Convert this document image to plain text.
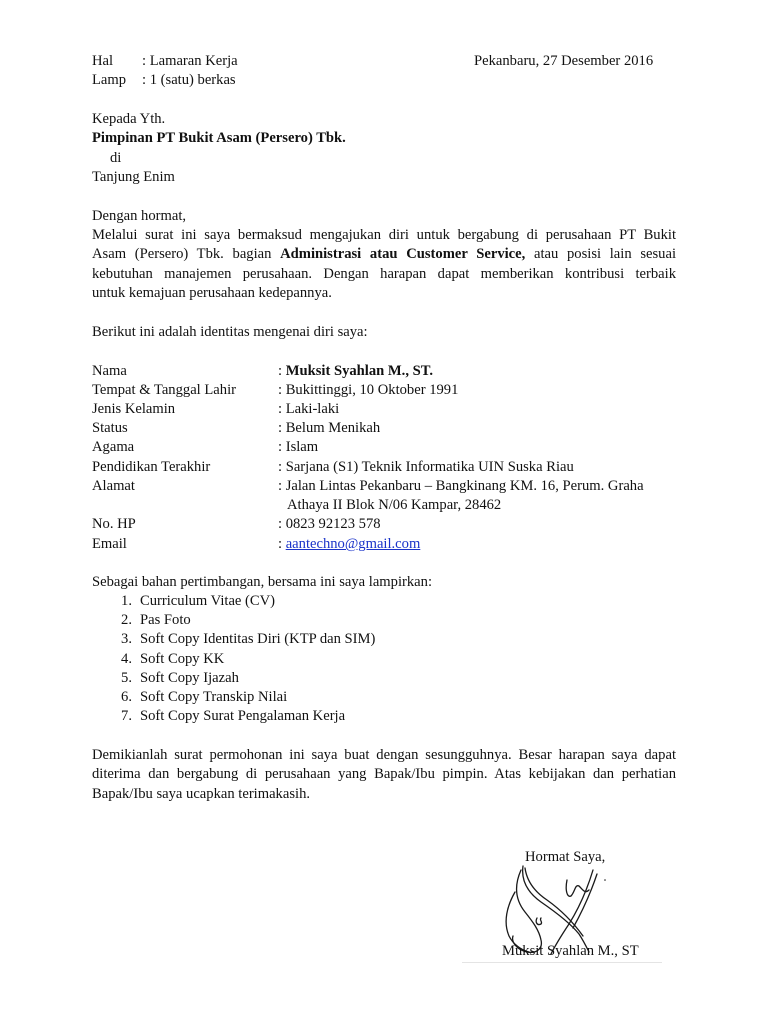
Hal : Lamaran Kerja	Pekanbaru, 27 Desember 2016
Lamp : 1 (satu) berkas
Kepada Yth.
Pimpinan PT Bukit Asam (Persero) Tbk.
di
Tanjung Enim
Dengan hormat,
Melalui surat ini saya bermaksud mengajukan diri untuk bergabung di perusahaan PT Bukit
Asam (Persero) Tbk. bagian Administrasi atau Customer Service, atau posisi lain sesuai
kebutuhan manajemen perusahaan. Dengan harapan dapat memberikan kontribusi terbaik
untuk kemajuan perusahaan kedepannya.
Berikut ini adalah identitas mengenai diri saya:
Nama	: Muksit Syahlan M., ST.
Tempat & Tanggal Lahir	: Bukittinggi, 10 Oktober 1991
Jenis Kelamin	: Laki-laki
Status	: Belum Menikah
Agama	: Islam
Pendidikan Terakhir	: Sarjana (S1) Teknik Informatika UIN Suska Riau
Alamat	: Jalan Lintas Pekanbaru – Bangkinang KM. 16, Perum. Graha
Athaya II Blok N/06 Kampar, 28462
No. HP	: 0823 92123 578
Email	: aantechno@gmail.com
Sebagai bahan pertimbangan, bersama ini saya lampirkan:
1. Curriculum Vitae (CV)
2. Pas Foto
3. Soft Copy Identitas Diri (KTP dan SIM)
4. Soft Copy KK
5. Soft Copy Ijazah
6. Soft Copy Transkip Nilai
7. Soft Copy Surat Pengalaman Kerja
Demikianlah surat permohonan ini saya buat dengan sesungguhnya. Besar harapan saya dapat
diterima dan bergabung di perusahaan yang Bapak/Ibu pimpin. Atas kebijakan dan perhatian
Bapak/Ibu saya ucapkan terimakasih.
Hormat Saya,
Muksit Syahlan M., ST
